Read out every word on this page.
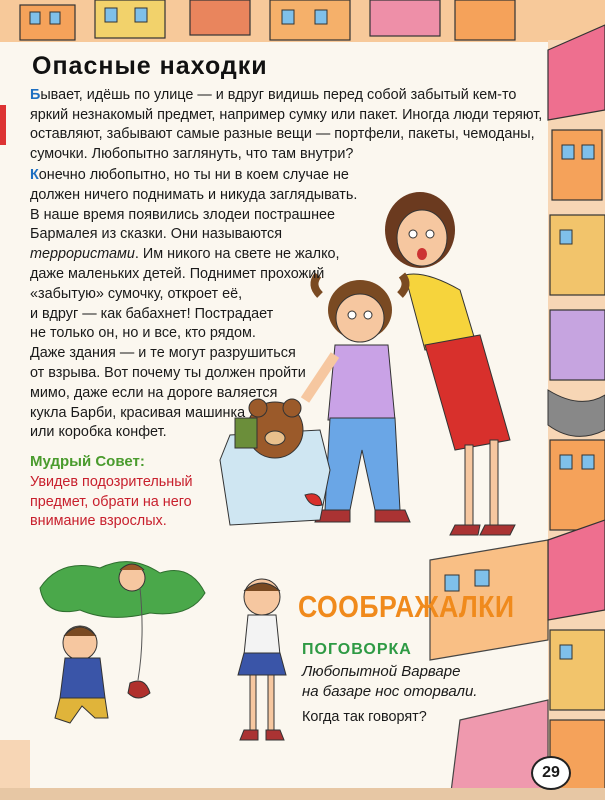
Опасные находки
Бывает, идёшь по улице — и вдруг видишь перед собой забытый кем-то яркий незнакомый предмет, например сумку или пакет. Иногда люди теряют, оставляют, забывают самые разные вещи — портфели, пакеты, чемоданы, сумочки. Любопытно заглянуть, что там внутри?
Конечно любопытно, но ты ни в коем случае не
должен ничего поднимать и никуда заглядывать.
В наше время появились злодеи пострашнее
Бармалея из сказки. Они называются
террористами. Им никого на свете не жалко,
даже маленьких детей. Поднимет прохожий
«забытую» сумочку, откроет её,
и вдруг — как бабахнет! Пострадает
не только он, но и все, кто рядом.
Даже здания — и те могут разрушиться
от взрыва. Вот почему ты должен пройти
мимо, даже если на дороге валяется
кукла Барби, красивая машинка
или коробка конфет.
Мудрый Совет:
Увидев подозрительный
предмет, обрати на него
внимание взрослых.
СООБРАЖАЛКИ
ПОГОВОРКА
Любопытной Варваре
на базаре нос оторвали.
Когда так говорят?
29
